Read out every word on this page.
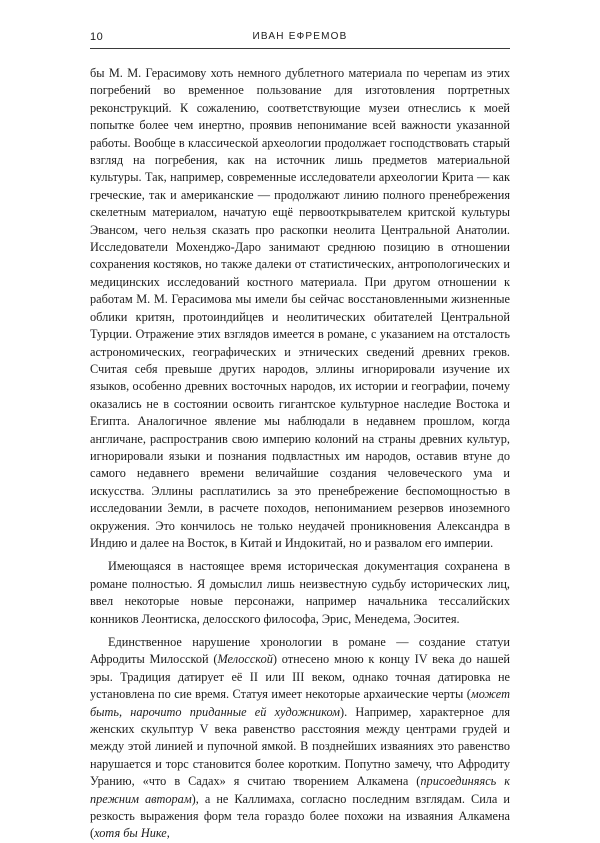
10	ИВАН ЕФРЕМОВ

бы М. М. Герасимову хоть немного дублетного материала по черепам из этих погребений во временное пользование для изготовления портретных реконструкций. К сожалению, соответствующие музеи отнеслись к моей попытке более чем инертно, проявив непонимание всей важности указанной работы. Вообще в классической археологии продолжает господствовать старый взгляд на погребения, как на источник лишь предметов материальной культуры. Так, например, современные исследователи археологии Крита — как греческие, так и американские — продолжают линию полного пренебрежения скелетным материалом, начатую ещё первооткрывателем критской культуры Эвансом, чего нельзя сказать про раскопки неолита Центральной Анатолии. Исследователи Мохенджо-Даро занимают среднюю позицию в отношении сохранения костяков, но также далеки от статистических, антропологических и медицинских исследований костного материала. При другом отношении к работам М. М. Герасимова мы имели бы сейчас восстановленными жизненные облики критян, протоиндийцев и неолитических обитателей Центральной Турции. Отражение этих взглядов имеется в романе, с указанием на отсталость астрономических, географических и этнических сведений древних греков. Считая себя превыше других народов, эллины игнорировали изучение их языков, особенно древних восточных народов, их истории и географии, почему оказались не в состоянии освоить гигантское культурное наследие Востока и Египта. Аналогичное явление мы наблюдали в недавнем прошлом, когда англичане, распространив свою империю колоний на страны древних культур, игнорировали языки и познания подвластных им народов, оставив втуне до самого недавнего времени величайшие создания человеческого ума и искусства. Эллины расплатились за это пренебрежение беспомощностью в исследовании Земли, в расчете походов, непониманием резервов иноземного окружения. Это кончилось не только неудачей проникновения Александра в Индию и далее на Восток, в Китай и Индокитай, но и развалом его империи.

Имеющаяся в настоящее время историческая документация сохранена в романе полностью. Я домыслил лишь неизвестную судьбу исторических лиц, ввел некоторые новые персонажи, например начальника тессалийских конников Леонтиска, делосского философа, Эрис, Менедема, Эоситея.

Единственное нарушение хронологии в романе — создание статуи Афродиты Милосской (Мелосской) отнесено мною к концу IV века до нашей эры. Традиция датирует её II или III веком, однако точная датировка не установлена по сие время. Статуя имеет некоторые архаические черты (может быть, нарочито приданные ей художником). Например, характерное для женских скульптур V века равенство расстояния между центрами грудей и между этой линией и пупочной ямкой. В позднейших изваяниях это равенство нарушается и торс становится более коротким. Попутно замечу, что Афродиту Уранию, «что в Садах» я считаю творением Алкамена (присоединяясь к прежним авторам), а не Каллимаха, согласно последним взглядам. Сила и резкость выражения форм тела гораздо более похожи на изваяния Алкамена (хотя бы Нике,
